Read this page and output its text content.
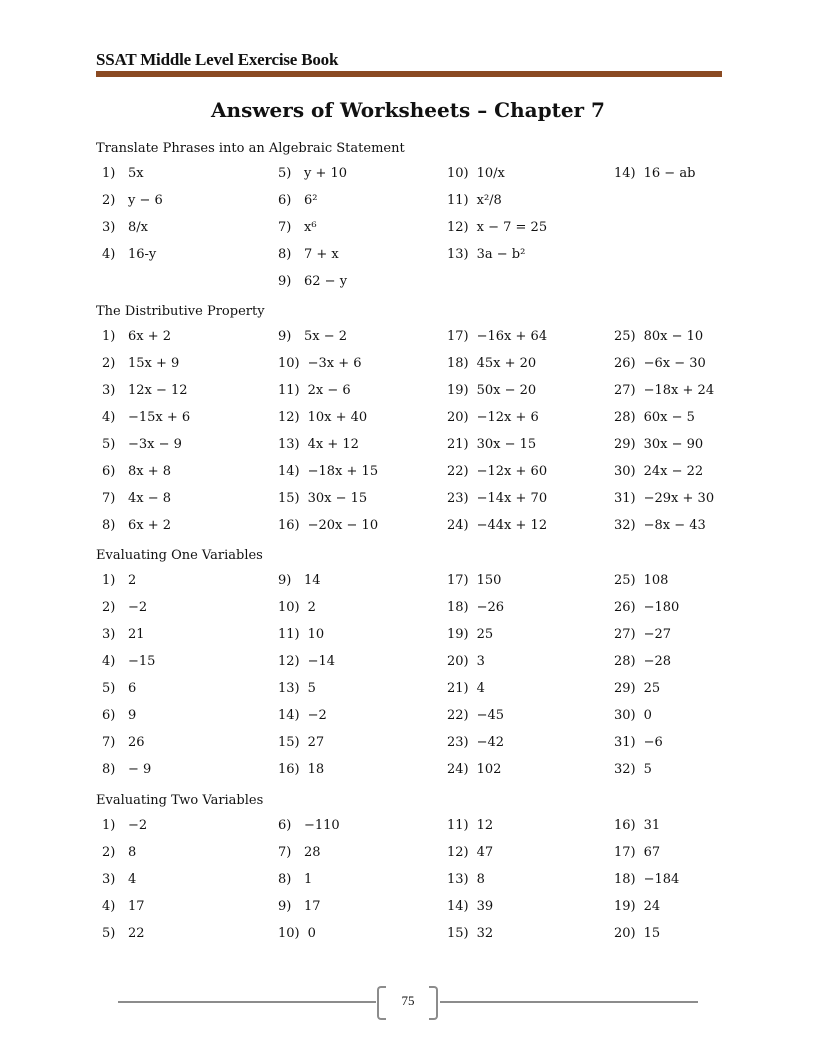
SSAT Middle Level Exercise Book
Answers of Worksheets – Chapter 7
Translate Phrases into an Algebraic Statement
1) 5x
2) y − 6
3) 8/x
4) 16-y
5) y + 10
6) 6²
7) x⁶
8) 7 + x
9) 62 − y
10) 10/x
11) x²/8
12) x − 7 = 25
13) 3a − b²
14) 16 − ab
The Distributive Property
1) 6x + 2
2) 15x + 9
3) 12x − 12
4) −15x + 6
5) −3x − 9
6) 8x + 8
7) 4x − 8
8) 6x + 2
9) 5x − 2
10) −3x + 6
11) 2x − 6
12) 10x + 40
13) 4x + 12
14) −18x + 15
15) 30x − 15
16) −20x − 10
17) −16x + 64
18) 45x + 20
19) 50x − 20
20) −12x + 6
21) 30x − 15
22) −12x + 60
23) −14x + 70
24) −44x + 12
25) 80x − 10
26) −6x − 30
27) −18x + 24
28) 60x − 5
29) 30x − 90
30) 24x − 22
31) −29x + 30
32) −8x − 43
Evaluating One Variables
1) 2
2) −2
3) 21
4) −15
5) 6
6) 9
7) 26
8) − 9
9) 14
10) 2
11) 10
12) −14
13) 5
14) −2
15) 27
16) 18
17) 150
18) −26
19) 25
20) 3
21) 4
22) −45
23) −42
24) 102
25) 108
26) −180
27) −27
28) −28
29) 25
30) 0
31) −6
32) 5
Evaluating Two Variables
1) −2
2) 8
3) 4
4) 17
5) 22
6) −110
7) 28
8) 1
9) 17
10) 0
11) 12
12) 47
13) 8
14) 39
15) 32
16) 31
17) 67
18) −184
19) 24
20) 15
75
